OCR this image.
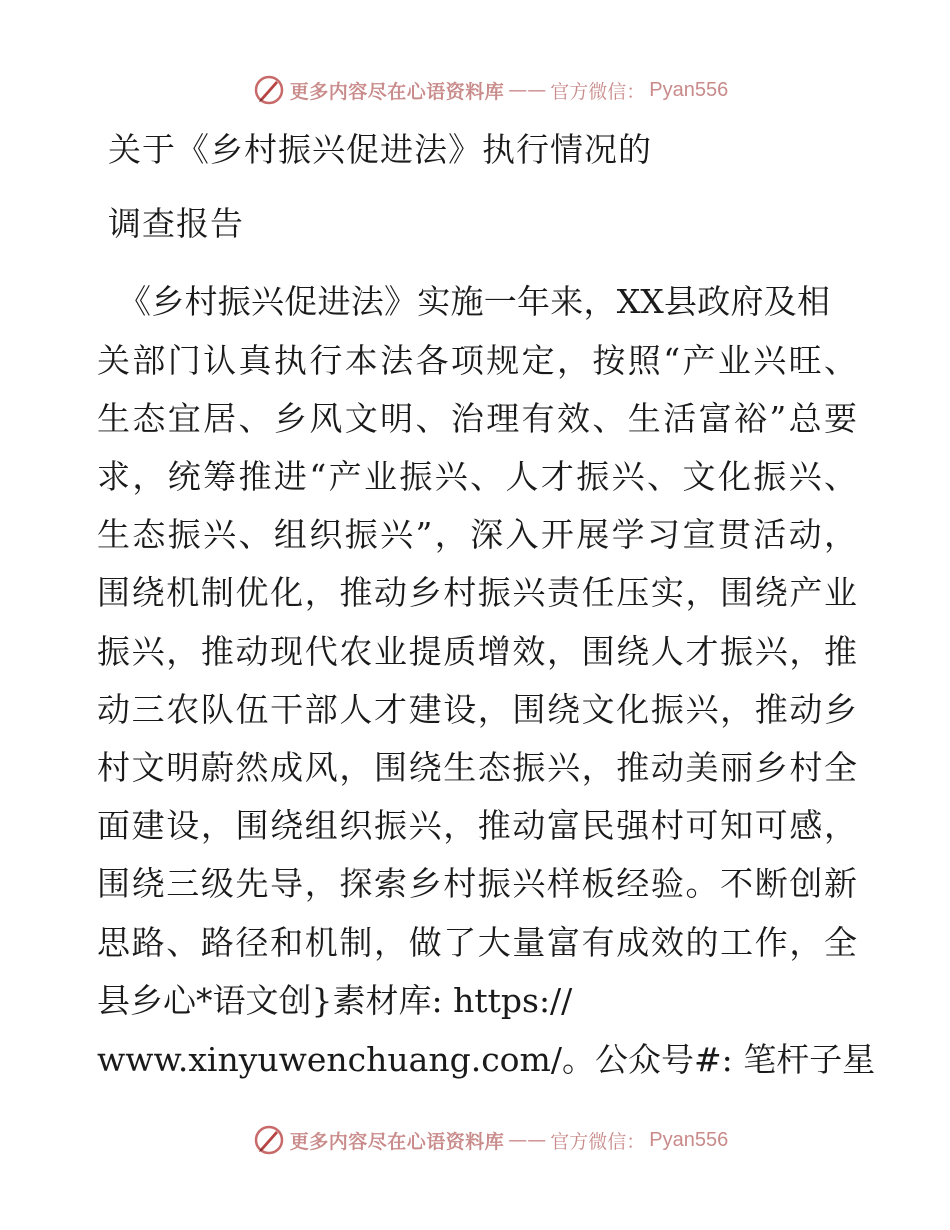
更多内容尽在心语资料库 —— 官方微信： Pyan556
关于《乡村振兴促进法》执行情况的
调查报告
《乡村振兴促进法》实施一年来，XX县政府及相
关部门认真执行本法各项规定，按照“产业兴旺、
生态宜居、乡风文明、治理有效、生活富裕”总要
求，统筹推进“产业振兴、人才振兴、文化振兴、
生态振兴、组织振兴”，深入开展学习宣贯活动，
围绕机制优化，推动乡村振兴责任压实，围绕产业
振兴，推动现代农业提质增效，围绕人才振兴，推
动三农队伍干部人才建设，围绕文化振兴，推动乡
村文明蔚然成风，围绕生态振兴，推动美丽乡村全
面建设，围绕组织振兴，推动富民强村可知可感，
围绕三级先导，探索乡村振兴样板经验。不断创新
思路、路径和机制，做了大量富有成效的工作，全
县乡心*语文创}素材库: https://
www.xinyuwenchuang.com/。公众号#: 笔杆子星
更多内容尽在心语资料库 —— 官方微信： Pyan556
